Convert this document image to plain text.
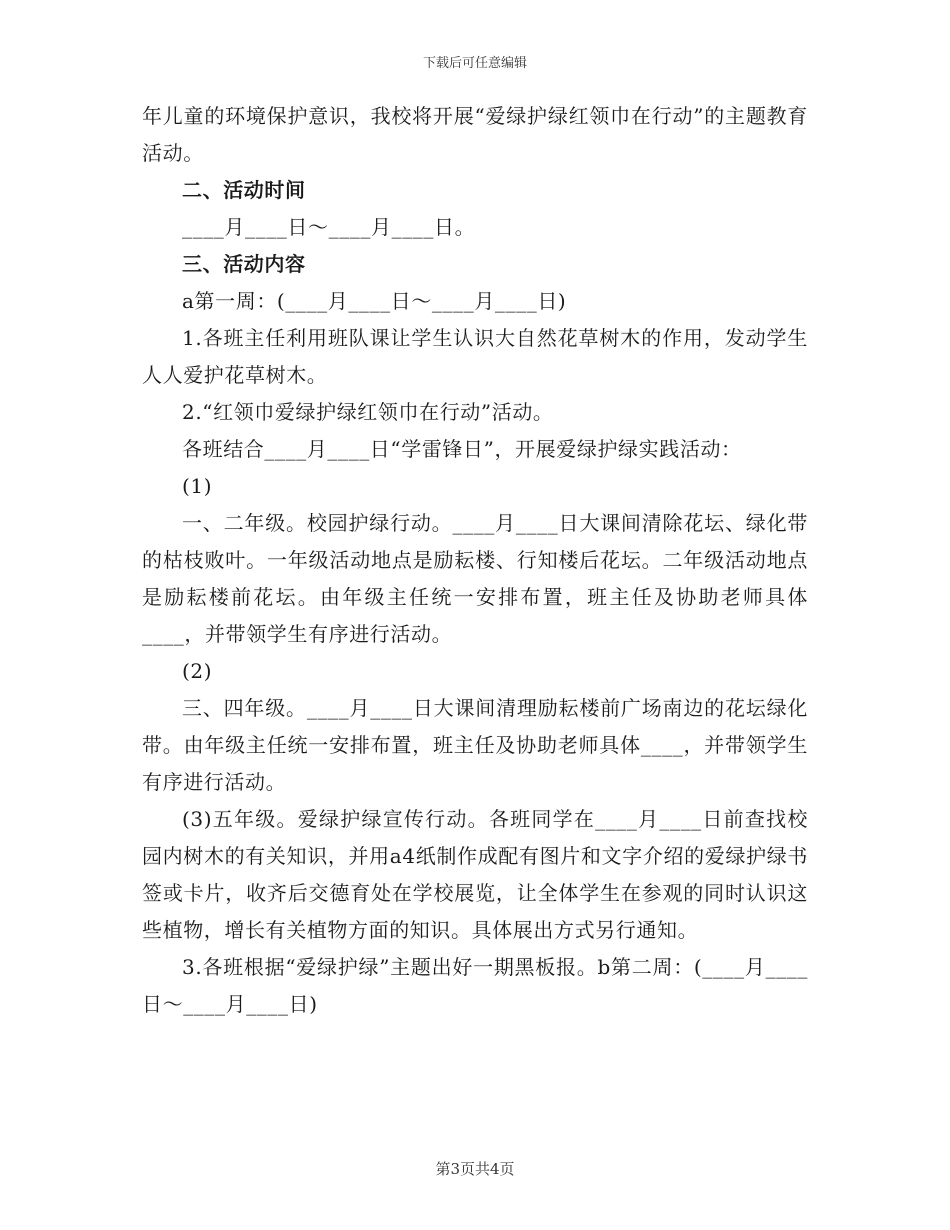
下载后可任意编辑

年儿童的环境保护意识，我校将开展“爱绿护绿红领巾在行动”的主题教育活动。

二、活动时间

____月____日～____月____日。

三、活动内容

a第一周：(____月____日～____月____日)

1.各班主任利用班队课让学生认识大自然花草树木的作用，发动学生人人爱护花草树木。

2.“红领巾爱绿护绿红领巾在行动”活动。

各班结合____月____日“学雷锋日”，开展爱绿护绿实践活动：

(1)

一、二年级。校园护绿行动。____月____日大课间清除花坛、绿化带的枯枝败叶。一年级活动地点是励耘楼、行知楼后花坛。二年级活动地点是励耘楼前花坛。由年级主任统一安排布置，班主任及协助老师具体____，并带领学生有序进行活动。

(2)

三、四年级。____月____日大课间清理励耘楼前广场南边的花坛绿化带。由年级主任统一安排布置，班主任及协助老师具体____，并带领学生有序进行活动。

(3)五年级。爱绿护绿宣传行动。各班同学在____月____日前查找校园内树木的有关知识，并用a4纸制作成配有图片和文字介绍的爱绿护绿书签或卡片，收齐后交德育处在学校展览，让全体学生在参观的同时认识这些植物，增长有关植物方面的知识。具体展出方式另行通知。

3.各班根据“爱绿护绿”主题出好一期黑板报。b第二周：(____月____日～____月____日)

第3页共4页
